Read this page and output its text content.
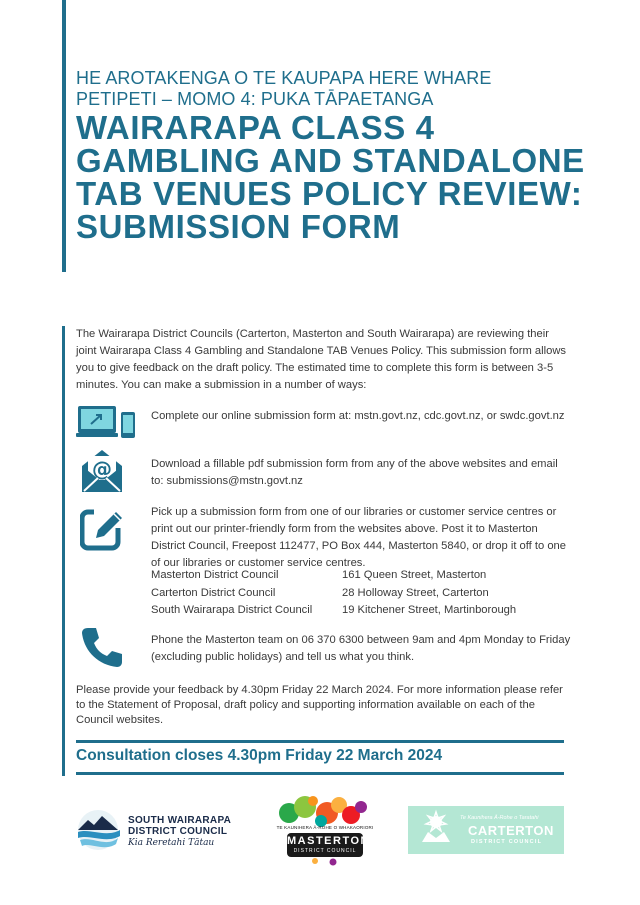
HE AROTAKENGA O TE KAUPAPA HERE WHARE PETIPETI – MOMO 4: PUKA TĀPAETANGA
WAIRARAPA CLASS 4 GAMBLING AND STANDALONE TAB VENUES POLICY REVIEW: SUBMISSION FORM
The Wairarapa District Councils (Carterton, Masterton and South Wairarapa) are reviewing their joint Wairarapa Class 4 Gambling and Standalone TAB Venues Policy. This submission form allows you to give feedback on the draft policy. The estimated time to complete this form is between 3-5 minutes. You can make a submission in a number of ways:
Complete our online submission form at: mstn.govt.nz, cdc.govt.nz, or swdc.govt.nz
@	Download a fillable pdf submission form from any of the above websites and email to: submissions@mstn.govt.nz
Pick up a submission form from one of our libraries or customer service centres or print out our printer-friendly form from the websites above. Post it to Masterton District Council, Freepost 112477, PO Box 444, Masterton 5840, or drop it off to one of our libraries or customer service centres.
Masterton District Council	161 Queen Street, Masterton
Carterton District Council	28 Holloway Street, Carterton
South Wairarapa District Council	19 Kitchener Street, Martinborough
Phone the Masterton team on 06 370 6300 between 9am and 4pm Monday to Friday (excluding public holidays) and tell us what you think.
Please provide your feedback by 4.30pm Friday 22 March 2024. For more information please refer to the Statement of Proposal, draft policy and supporting information available on each of the Council websites.
Consultation closes 4.30pm Friday 22 March 2024
SOUTH WAIRARAPA DISTRICT COUNCIL
Kia Reretahi Tātau
TE KAUNIHERA Ā-ROHE O WHAKAORIORI
MASTERTON
DISTRICT COUNCIL
Te Kaunihera Ā-Rohe o Taratahi
CARTERTON
DISTRICT COUNCIL
